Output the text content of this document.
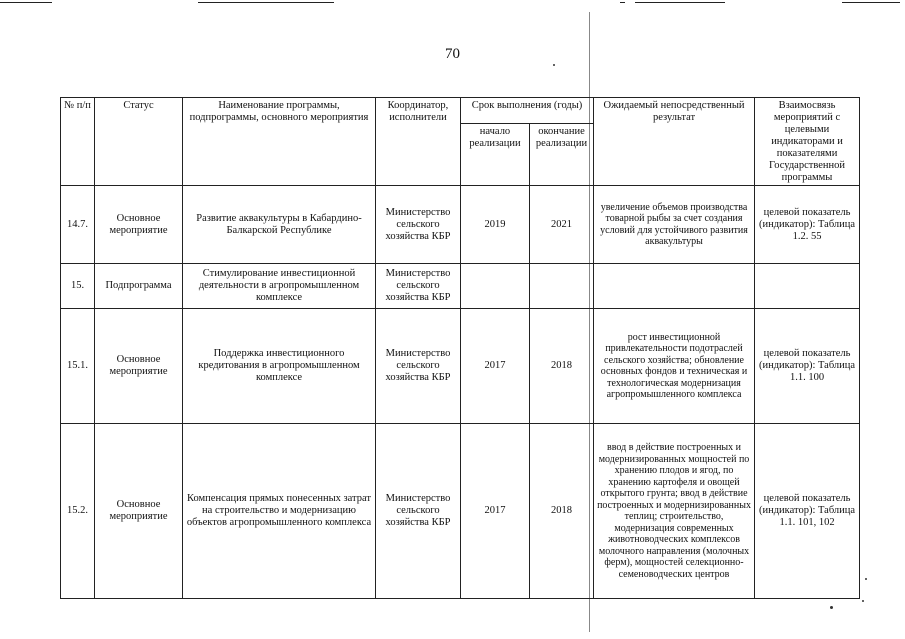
70
№ п/п	Статус	Наименование программы, подпрограммы, основного мероприятия	Координатор, исполнители	Срок выполнения (годы)		Ожидаемый непосредственный результат	Взаимосвязь мероприятий с целевыми индикаторами и показателями Государственной программы
				начало реализации	окончание реализации		
14.7.	Основное мероприятие	Развитие аквакультуры в Кабардино-Балкарской Республике	Министерство сельского хозяйства КБР	2019	2021	увеличение объемов производства товарной рыбы за счет создания условий для устойчивого развития аквакультуры	целевой показатель (индикатор): Таблица 1.2. 55
15.	Подпрограмма	Стимулирование инвестиционной деятельности в агропромышленном комплексе	Министерство сельского хозяйства КБР				
15.1.	Основное мероприятие	Поддержка инвестиционного кредитования в агропромышленном комплексе	Министерство сельского хозяйства КБР	2017	2018	рост инвестиционной привлекательности подотраслей сельского хозяйства; обновление основных фондов и техническая и технологическая модернизация агропромышленного комплекса	целевой показатель (индикатор): Таблица 1.1. 100
15.2.	Основное мероприятие	Компенсация прямых понесенных затрат на строительство и модернизацию объектов агропромышленного комплекса	Министерство сельского хозяйства КБР	2017	2018	ввод в действие построенных и модернизированных мощностей по хранению плодов и ягод, по хранению картофеля и овощей открытого грунта; ввод в действие построенных и модернизированных теплиц; строительство, модернизация современных животноводческих комплексов молочного направления (молочных ферм), мощностей селекционно-семеноводческих центров	целевой показатель (индикатор): Таблица 1.1. 101, 102
